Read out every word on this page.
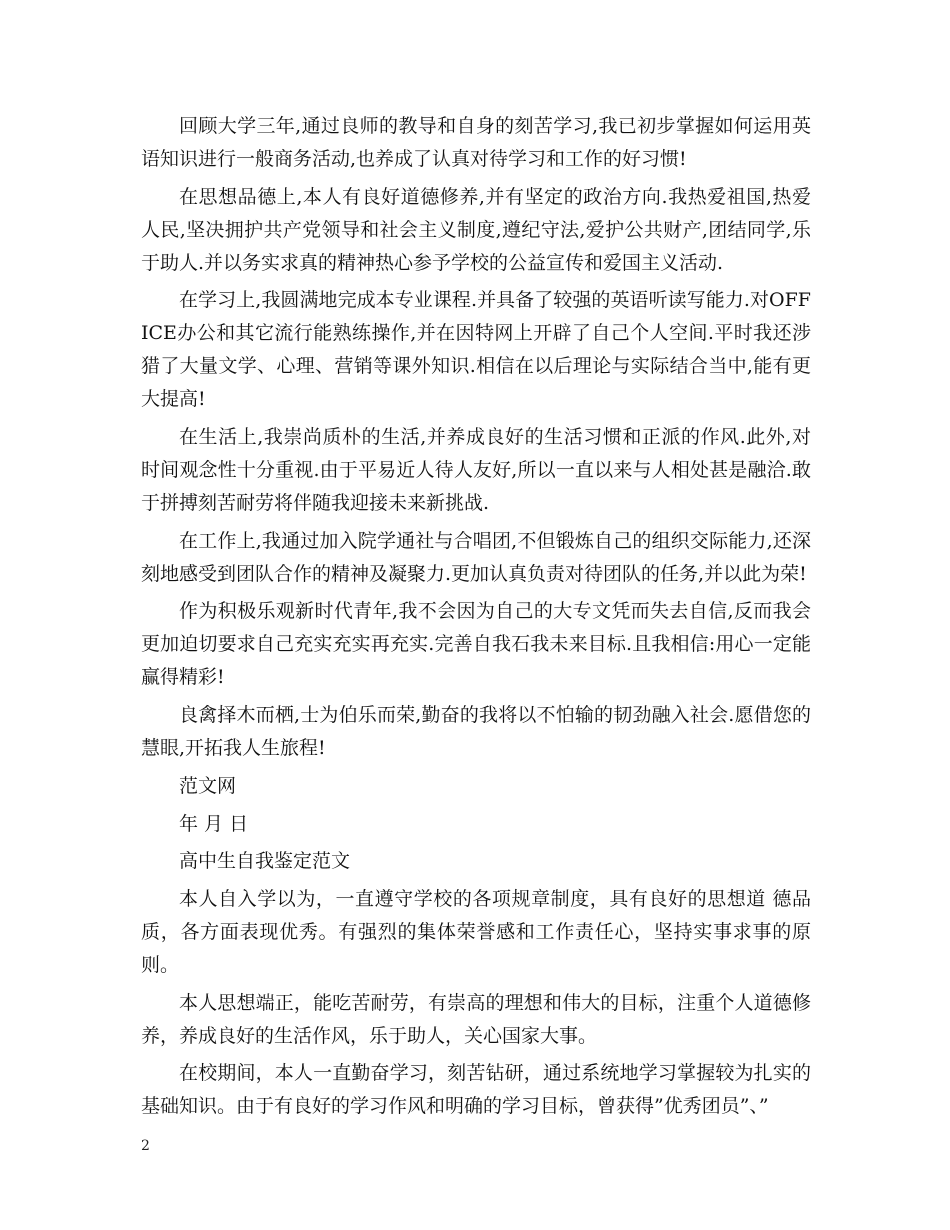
回顾大学三年,通过良师的教导和自身的刻苦学习,我已初步掌握如何运用英语知识进行一般商务活动,也养成了认真对待学习和工作的好习惯!

在思想品德上,本人有良好道德修养,并有坚定的政治方向.我热爱祖国,热爱人民,坚决拥护共产党领导和社会主义制度,遵纪守法,爱护公共财产,团结同学,乐于助人.并以务实求真的精神热心参予学校的公益宣传和爱国主义活动.

在学习上,我圆满地完成本专业课程.并具备了较强的英语听读写能力.对OFFICE办公和其它流行能熟练操作,并在因特网上开辟了自己个人空间.平时我还涉猎了大量文学、心理、营销等课外知识.相信在以后理论与实际结合当中,能有更大提高!

在生活上,我崇尚质朴的生活,并养成良好的生活习惯和正派的作风.此外,对时间观念性十分重视.由于平易近人待人友好,所以一直以来与人相处甚是融洽.敢于拼搏刻苦耐劳将伴随我迎接未来新挑战.

在工作上,我通过加入院学通社与合唱团,不但锻炼自己的组织交际能力,还深刻地感受到团队合作的精神及凝聚力.更加认真负责对待团队的任务,并以此为荣!

作为积极乐观新时代青年,我不会因为自己的大专文凭而失去自信,反而我会更加迫切要求自己充实充实再充实.完善自我石我未来目标.且我相信:用心一定能赢得精彩!

良禽择木而栖,士为伯乐而荣,勤奋的我将以不怕输的韧劲融入社会.愿借您的慧眼,开拓我人生旅程!

范文网

年 月 日

高中生自我鉴定范文

本人自入学以为，一直遵守学校的各项规章制度，具有良好的思想道 德品质，各方面表现优秀。有强烈的集体荣誉感和工作责任心，坚持实事求事的原则。

本人思想端正，能吃苦耐劳，有崇高的理想和伟大的目标，注重个人道德修养，养成良好的生活作风，乐于助人，关心国家大事。

在校期间，本人一直勤奋学习，刻苦钻研，通过系统地学习掌握较为扎实的基础知识。由于有良好的学习作风和明确的学习目标，曾获得”优秀团员”、”

2
